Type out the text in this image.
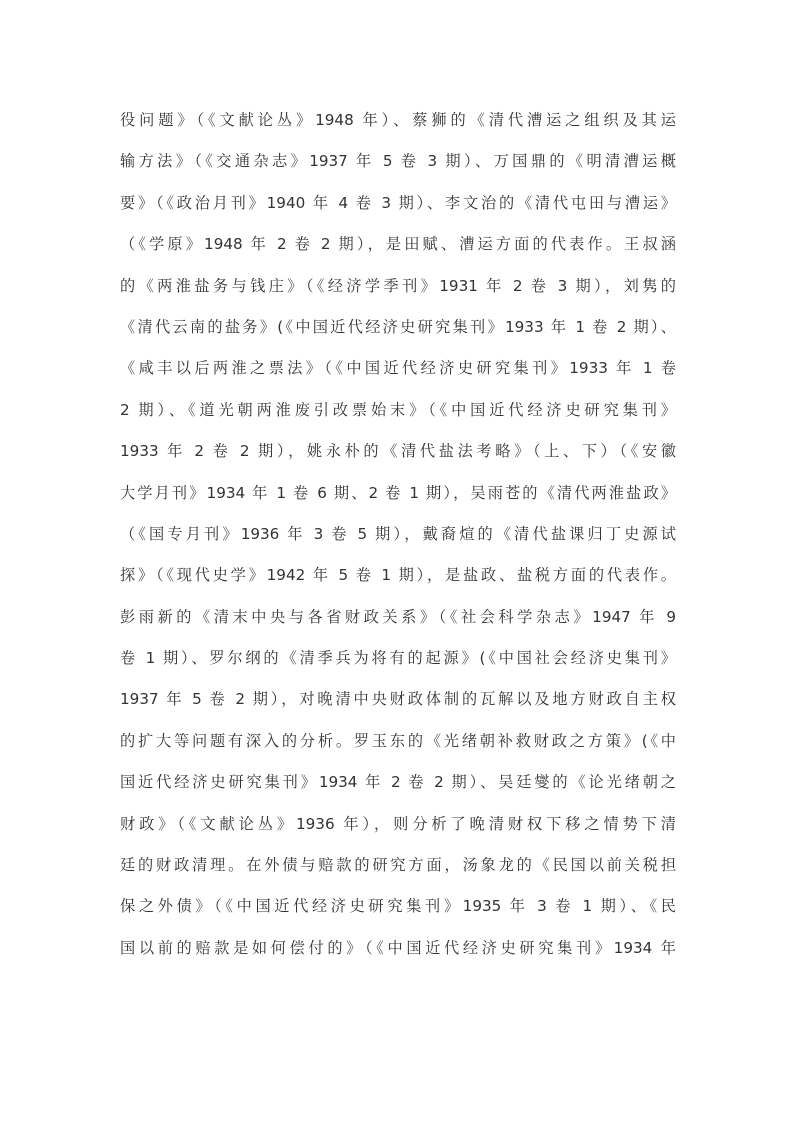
役问题》（《文献论丛》1948 年）、蔡狮的《清代漕运之组织及其运
输方法》（《交通杂志》1937 年 5 卷 3 期）、万国鼎的《明清漕运概
要》（《政治月刊》1940 年 4 卷 3 期）、李文治的《清代屯田与漕运》
（《学原》1948 年 2 卷 2 期），是田赋、漕运方面的代表作。王叔涵
的《两淮盐务与钱庄》（《经济学季刊》1931 年 2 卷 3 期），刘隽的
《清代云南的盐务》(《中国近代经济史研究集刊》1933 年 1 卷 2 期）、
《咸丰以后两淮之票法》（《中国近代经济史研究集刊》1933 年 1 卷
2 期）、《道光朝两淮废引改票始末》（《中国近代经济史研究集刊》
1933 年 2 卷 2 期），姚永朴的《清代盐法考略》（上、下）（《安徽
大学月刊》1934 年 1 卷 6 期、2 卷 1 期），吴雨苍的《清代两淮盐政》
（《国专月刊》1936 年 3 卷 5 期），戴裔煊的《清代盐课归丁史源试
探》（《现代史学》1942 年 5 卷 1 期），是盐政、盐税方面的代表作。
彭雨新的《清末中央与各省财政关系》（《社会科学杂志》1947 年 9
卷 1 期）、罗尔纲的《清季兵为将有的起源》(《中国社会经济史集刊》
1937 年 5 卷 2 期），对晚清中央财政体制的瓦解以及地方财政自主权
的扩大等问题有深入的分析。罗玉东的《光绪朝补救财政之方策》(《中
国近代经济史研究集刊》1934 年 2 卷 2 期）、吴廷燮的《论光绪朝之
财政》（《文献论丛》1936 年），则分析了晚清财权下移之情势下清
廷的财政清理。在外债与赔款的研究方面，汤象龙的《民国以前关税担
保之外债》（《中国近代经济史研究集刊》1935 年 3 卷 1 期）、《民
国以前的赔款是如何偿付的》（《中国近代经济史研究集刊》1934 年
